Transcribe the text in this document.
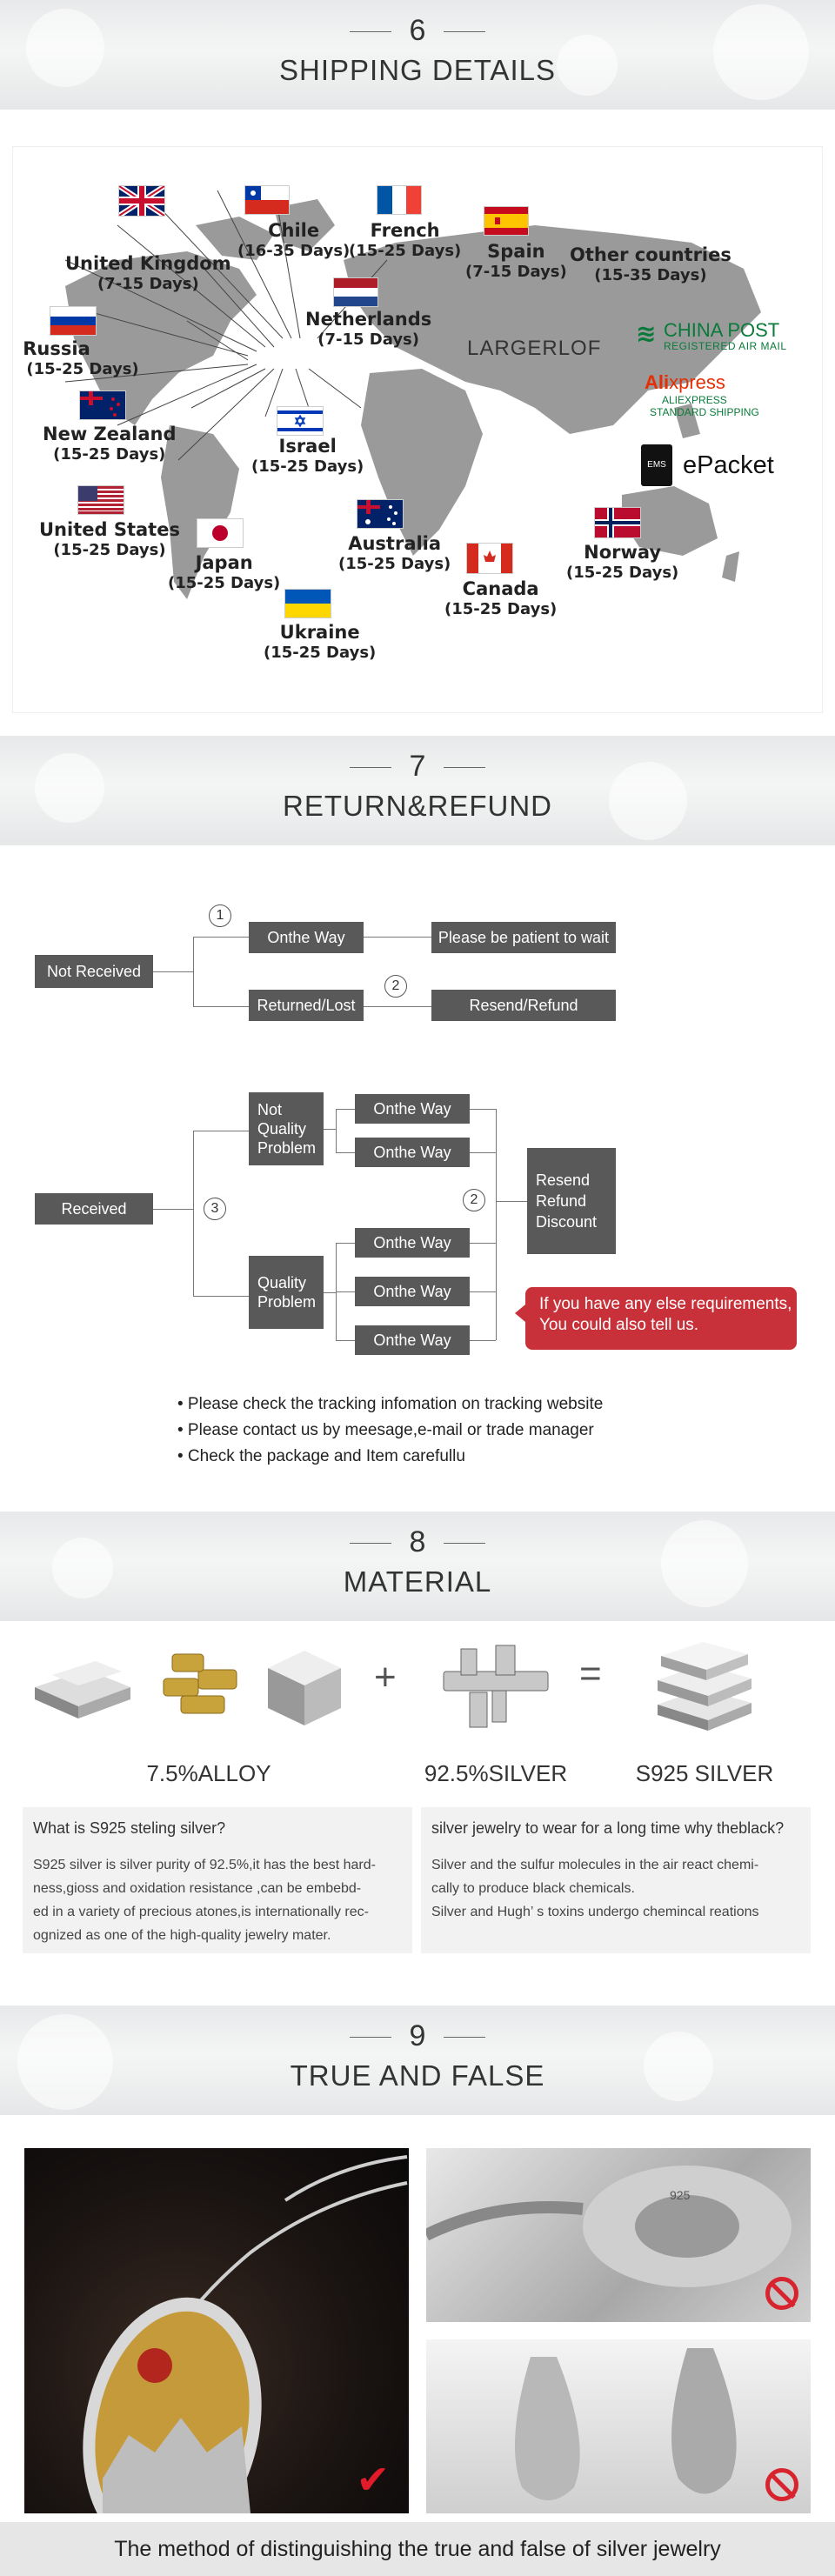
6
SHIPPING DETAILS
LARGERLOF
Chile
(16-35 Days)
French
(15-25 Days)	Spain
(7-15 Days)
Other countries
(15-35 Days)
United Kingdom
(7-15 Days)
Netherlands
(7-15 Days)
Russia
(15-25 Days)
New Zealand
(15-25 Days)	Israel
(15-25 Days)
United States
(15-25 Days)
Japan
(15-25 Days)
Australia
(15-25 Days)
Canada
(15-25 Days)
Norway
(15-25 Days)
Ukraine
(15-25 Days)
≋ CHINA POST
REGISTERED AIR MAIL
Alixpress
ALIEXPRESS
STANDARD SHIPPING
EMS ePacket
7
RETURN&REFUND
Not Received
1
Onthe Way	Please be patient to wait
Returned/Lost
2
Resend/Refund
Received	3
Not
Quality
Problem
Onthe Way
Onthe Way
Quality
Problem
Onthe Way
Onthe Way
Onthe Way
2
Resend
Refund
Discount
If you have any else requirements,
You could also tell us.
• Please check the tracking infomation on tracking website
• Please contact us by meesage,e-mail or trade manager
• Check the package and Item carefullu
8
MATERIAL
+	=
7.5%ALLOY	92.5%SILVER	S925 SILVER
What is S925 steling silver?

S925 silver is silver purity of 92.5%,it has the best hard-
ness,gioss and oxidation resistance ,can be embebd-
ed in a variety of precious atones,is internationally rec-
ognized as one of the high-quality jewelry mater.

silver jewelry to wear for a long time why theblack?

Silver and the sulfur molecules in the air react chemi-
cally to produce black chemicals.
Silver and Hugh’ s toxins undergo chemincal reations

9
TRUE AND FALSE
✔
925
The method of distinguishing the true and false of silver jewelry
